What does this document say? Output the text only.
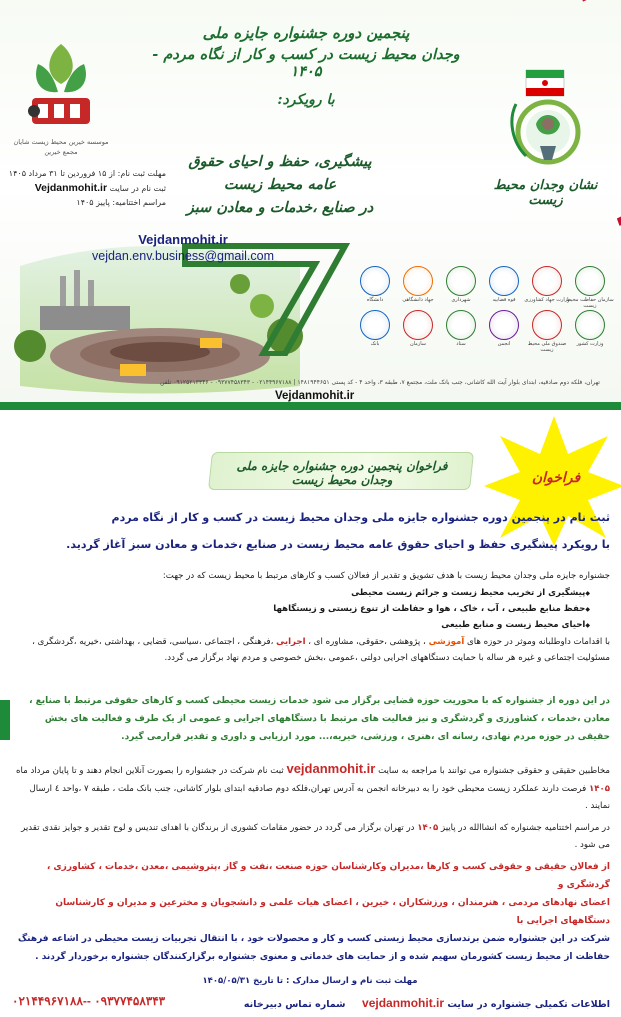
موسسه خیرین محیط زیست شایان مجمع خیرین
پنجمین دوره جشنواره جایزه ملی
وجدان محیط زیست در کسب و کار از نگاه مردم - ۱۴۰۵
با رویکرد:
پیشگیری، حفظ و احیای حقوق عامه محیط زیست
در صنایع ،خدمات و معادن سبز
نشان وجدان محیط زیست
مهلت ثبت نام: از ۱۵ فروردین تا ۳۱ مرداد ۱۴۰۵
ثبت نام در سایت Vejdanmohit.ir
مراسم اختتامیه: پاییز ۱۴۰۵
Vejdanmohit.ir
vejdan.env.business@gmail.com
سازمان حفاظت محیط زیست
وزارت جهاد کشاورزی
قوه قضاییه
شهرداری
جهاد دانشگاهی
دانشگاه
وزارت کشور
صندوق ملی محیط زیست
انجمن
ستاد
سازمان
بانک
تهران، فلکه دوم صادقیه، ابتدای بلوار آیت الله کاشانی، جنب بانک ملت، مجتمع ۷، طبقه ۳، واحد ۴ - کد پستی ۱۴۸۱۹۴۴۶۵۱ | ۰۲۱۴۴۹۶۷۱۸۸ - ۰۹۳۷۷۴۵۸۳۴۳ - ۰۹۱۲۵۲۱۳۳۴۶ تلفن
Vejdanmohit.ir
فراخوان پنجمین دوره جشنواره جایزه ملی وجدان محیط زیست	فراخوان
ثبت نام در پنجمین دوره جشنواره جایزه ملی وجدان محیط زیست در کسب و کار از نگاه مردم
با رویکرد پیشگیری حفظ و احیای حقوق عامه محیط زیست در صنایع ،خدمات و معادن سبز آغاز گردید.
جشنواره جایزه ملی وجدان محیط زیست با هدف تشویق و تقدیر از فعالان کسب و کارهای مرتبط با محیط زیست که در جهت:
◆ پیشگیری از تخریب محیط زیست و جرائم زیست محیطی
◆ حفظ منابع طبیعی ، آب ، خاک ، هوا و حفاظت از تنوع زیستی و زیستگاهها
◆ احیای محیط زیست و منابع طبیعی
با اقدامات داوطلبانه وموثر در حوزه های آموزشی ، پژوهشی ،حقوقی، مشاوره ای ، اجرایی ،فرهنگی ، اجتماعی ،سیاسی، قضایی ، بهداشتی ،خیریه ،گردشگری ، مسئولیت اجتماعی و غیره هر ساله با حمایت دستگاههای اجرایی دولتی ،عمومی ،بخش خصوصی و مردم نهاد برگزار می گردد.
در این دوره از جشنواره که با محوریت حوزه قضایی برگزار می شود خدمات زیست محیطی کسب و کارهای حقوقی مرتبط با صنایع ، معادن ،خدمات ، کشاورزی و گردشگری و نیز فعالیت های مرتبط با دستگاههای اجرایی و عمومی از یک طرف و فعالیت های بخش حقیقی در حوزه مردم نهادی، رسانه ای ،هنری ، ورزشی، خیریه،... مورد ارزیابی و داوری و تقدیر قرارمی گیرد.
مخاطبین حقیقی و حقوقی جشنواره می توانند با مراجعه به سایت vejdanmohit.ir ثبت نام شرکت در جشنواره را بصورت آنلاین انجام دهند و تا پایان مرداد ماه ۱۴۰۵ فرصت دارند عملکرد زیست محیطی خود را به دبیرخانه انجمن به آدرس تهران،فلکه دوم صادقیه ابتدای بلوار کاشانی، جنب بانک ملت ، طبقه ۷ ،واحد ٤ ارسال نمایند .
در مراسم اختتامیه جشنواره که انشاالله در پاییز ۱۴۰۵ در تهران برگزار می گردد در حضور مقامات کشوری از برندگان با اهدای تندیس و لوح تقدیر و جوایز نقدی تقدیر می شود .
از فعالان حقیقی و حقوقی کسب و کارها ،مدیران وکارشناسان حوزه صنعت ،نفت و گاز ،پتروشیمی ،معدن ،خدمات ، کشاورزی ، گردشگری و
اعضای نهادهای مردمی ، هنرمندان ، ورزشکاران ، خیرین ، اعضای هیات علمی و دانشجویان و مخترعین و مدیران و کارشناسان دستگاههای اجرایی با
شرکت در این جشنواره ضمن برندسازی محیط زیستی کسب و کار و محصولات خود ، با انتقال تجربیات زیست محیطی در اشاعه فرهنگ حفاظت از محیط زیست کشورمان سهیم شده و از حمایت های خدماتی و معنوی جشنواره برگزارکنندگان جشنواره برخوردار گردند .
مهلت ثبت نام و ارسال مدارک : تا تاریخ ۱۴۰۵/۰۵/۳۱
اطلاعات تکمیلی جشنواره در سایت vejdanmohit.ir     شماره تماس دبیرخانه
۰۲۱۴۴۹۶۷۱۸۸-- ۰۹۳۷۷۴۵۸۳۴۳
